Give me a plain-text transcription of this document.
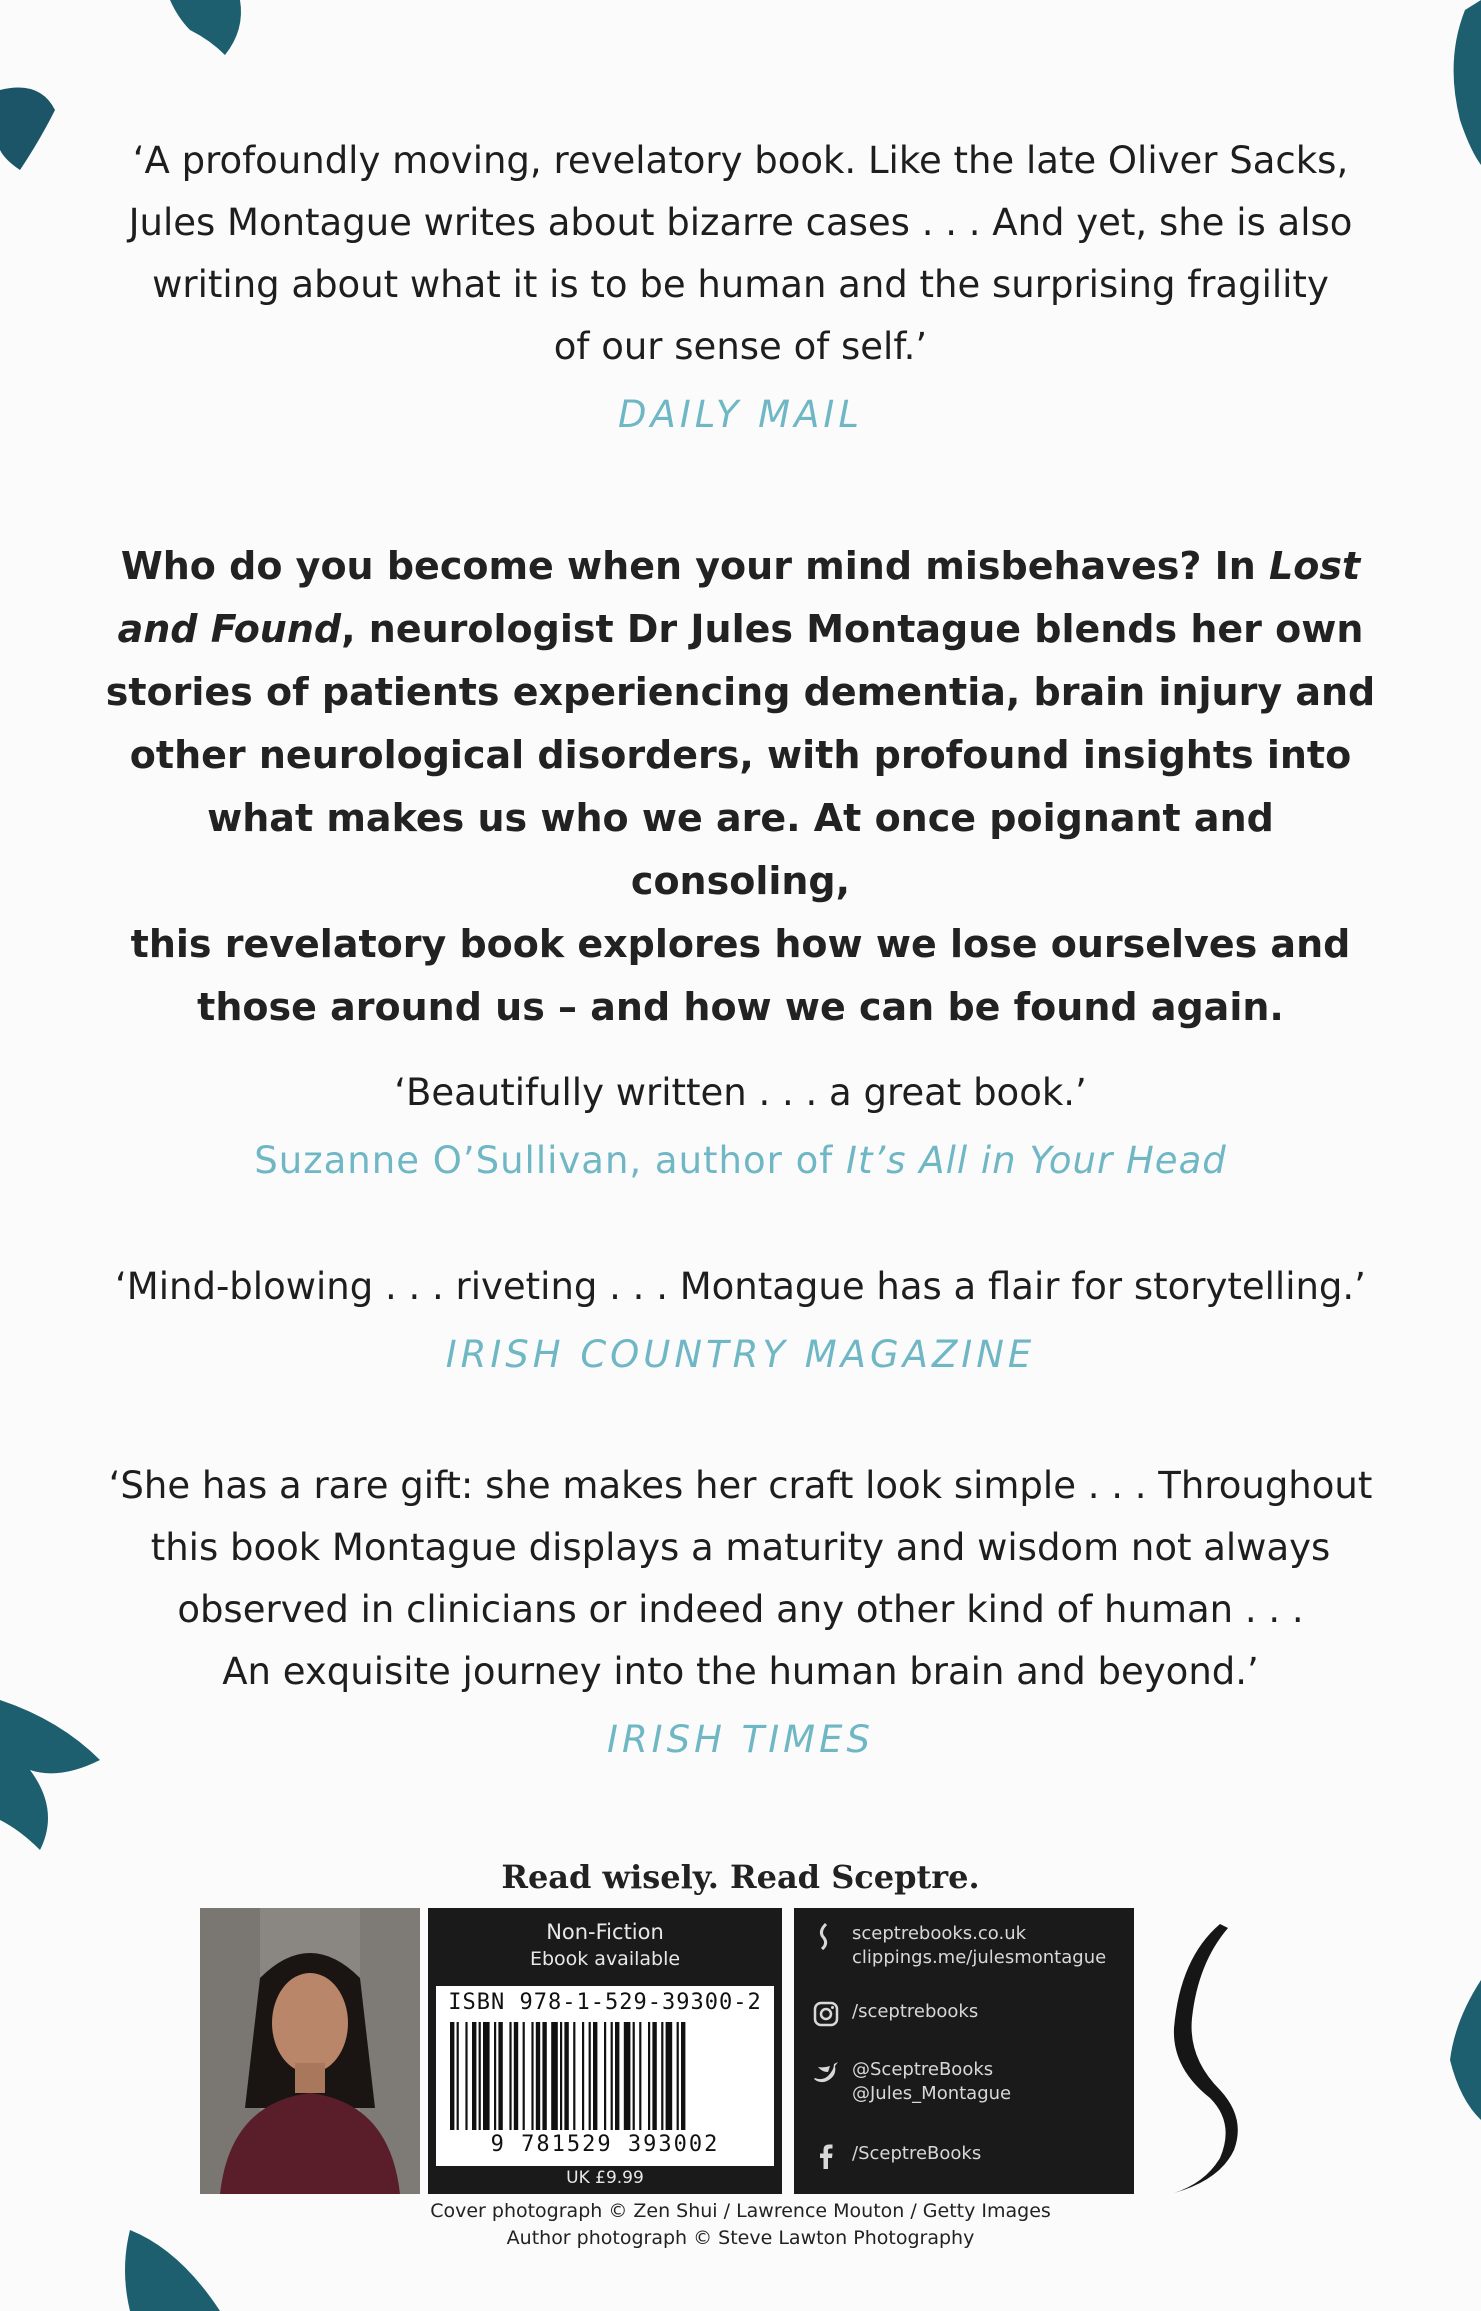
‘A profoundly moving, revelatory book. Like the late Oliver Sacks,
Jules Montague writes about bizarre cases . . . And yet, she is also
writing about what it is to be human and the surprising fragility
of our sense of self.’
DAILY MAIL
Who do you become when your mind misbehaves? In Lost
and Found, neurologist Dr Jules Montague blends her own
stories of patients experiencing dementia, brain injury and
other neurological disorders, with profound insights into
what makes us who we are. At once poignant and consoling,
this revelatory book explores how we lose ourselves and
those around us – and how we can be found again.
‘Beautifully written . . . a great book.’
Suzanne O’Sullivan, author of It’s All in Your Head
‘Mind-blowing . . . riveting . . . Montague has a flair for storytelling.’
IRISH COUNTRY MAGAZINE
‘She has a rare gift: she makes her craft look simple . . . Throughout
this book Montague displays a maturity and wisdom not always
observed in clinicians or indeed any other kind of human . . .
An exquisite journey into the human brain and beyond.’
IRISH TIMES
Read wisely. Read Sceptre.
Non-Fiction
Ebook available
ISBN 978-1-529-39300-2
9 781529 393002
UK £9.99
sceptrebooks.co.uk
clippings.me/julesmontague
/sceptrebooks
@SceptreBooks
@Jules_Montague
/SceptreBooks
Cover photograph © Zen Shui / Lawrence Mouton / Getty Images
Author photograph © Steve Lawton Photography
